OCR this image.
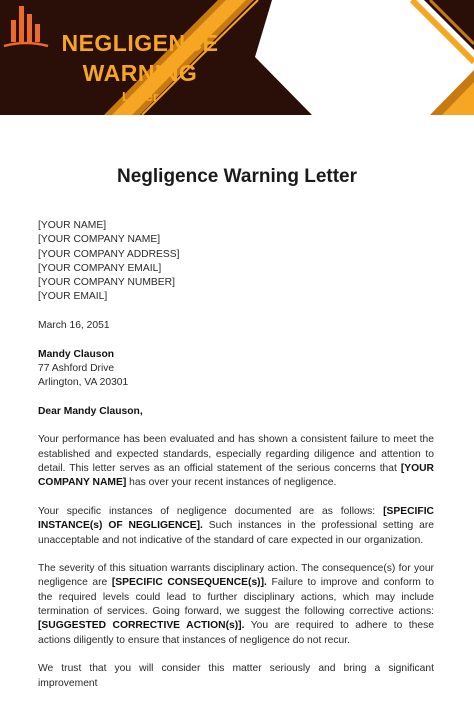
NEGLIGENCE
WARNING
Letter
Negligence Warning Letter
[YOUR NAME]
[YOUR COMPANY NAME]
[YOUR COMPANY ADDRESS]
[YOUR COMPANY EMAIL]
[YOUR COMPANY NUMBER]
[YOUR EMAIL]
March 16, 2051
Mandy Clauson
77 Ashford Drive
Arlington, VA 20301
Dear Mandy Clauson,

Your performance has been evaluated and has shown a consistent failure to meet the established and expected standards, especially regarding diligence and attention to detail. This letter serves as an official statement of the serious concerns that [YOUR COMPANY NAME] has over your recent instances of negligence.

Your specific instances of negligence documented are as follows: [SPECIFIC INSTANCE(s) OF NEGLIGENCE]. Such instances in the professional setting are unacceptable and not indicative of the standard of care expected in our organization.

The severity of this situation warrants disciplinary action. The consequence(s) for your negligence are [SPECIFIC CONSEQUENCE(s)]. Failure to improve and conform to the required levels could lead to further disciplinary actions, which may include termination of services. Going forward, we suggest the following corrective actions: [SUGGESTED CORRECTIVE ACTION(s)]. You are required to adhere to these actions diligently to ensure that instances of negligence do not recur.

We trust that you will consider this matter seriously and bring a significant improvement
